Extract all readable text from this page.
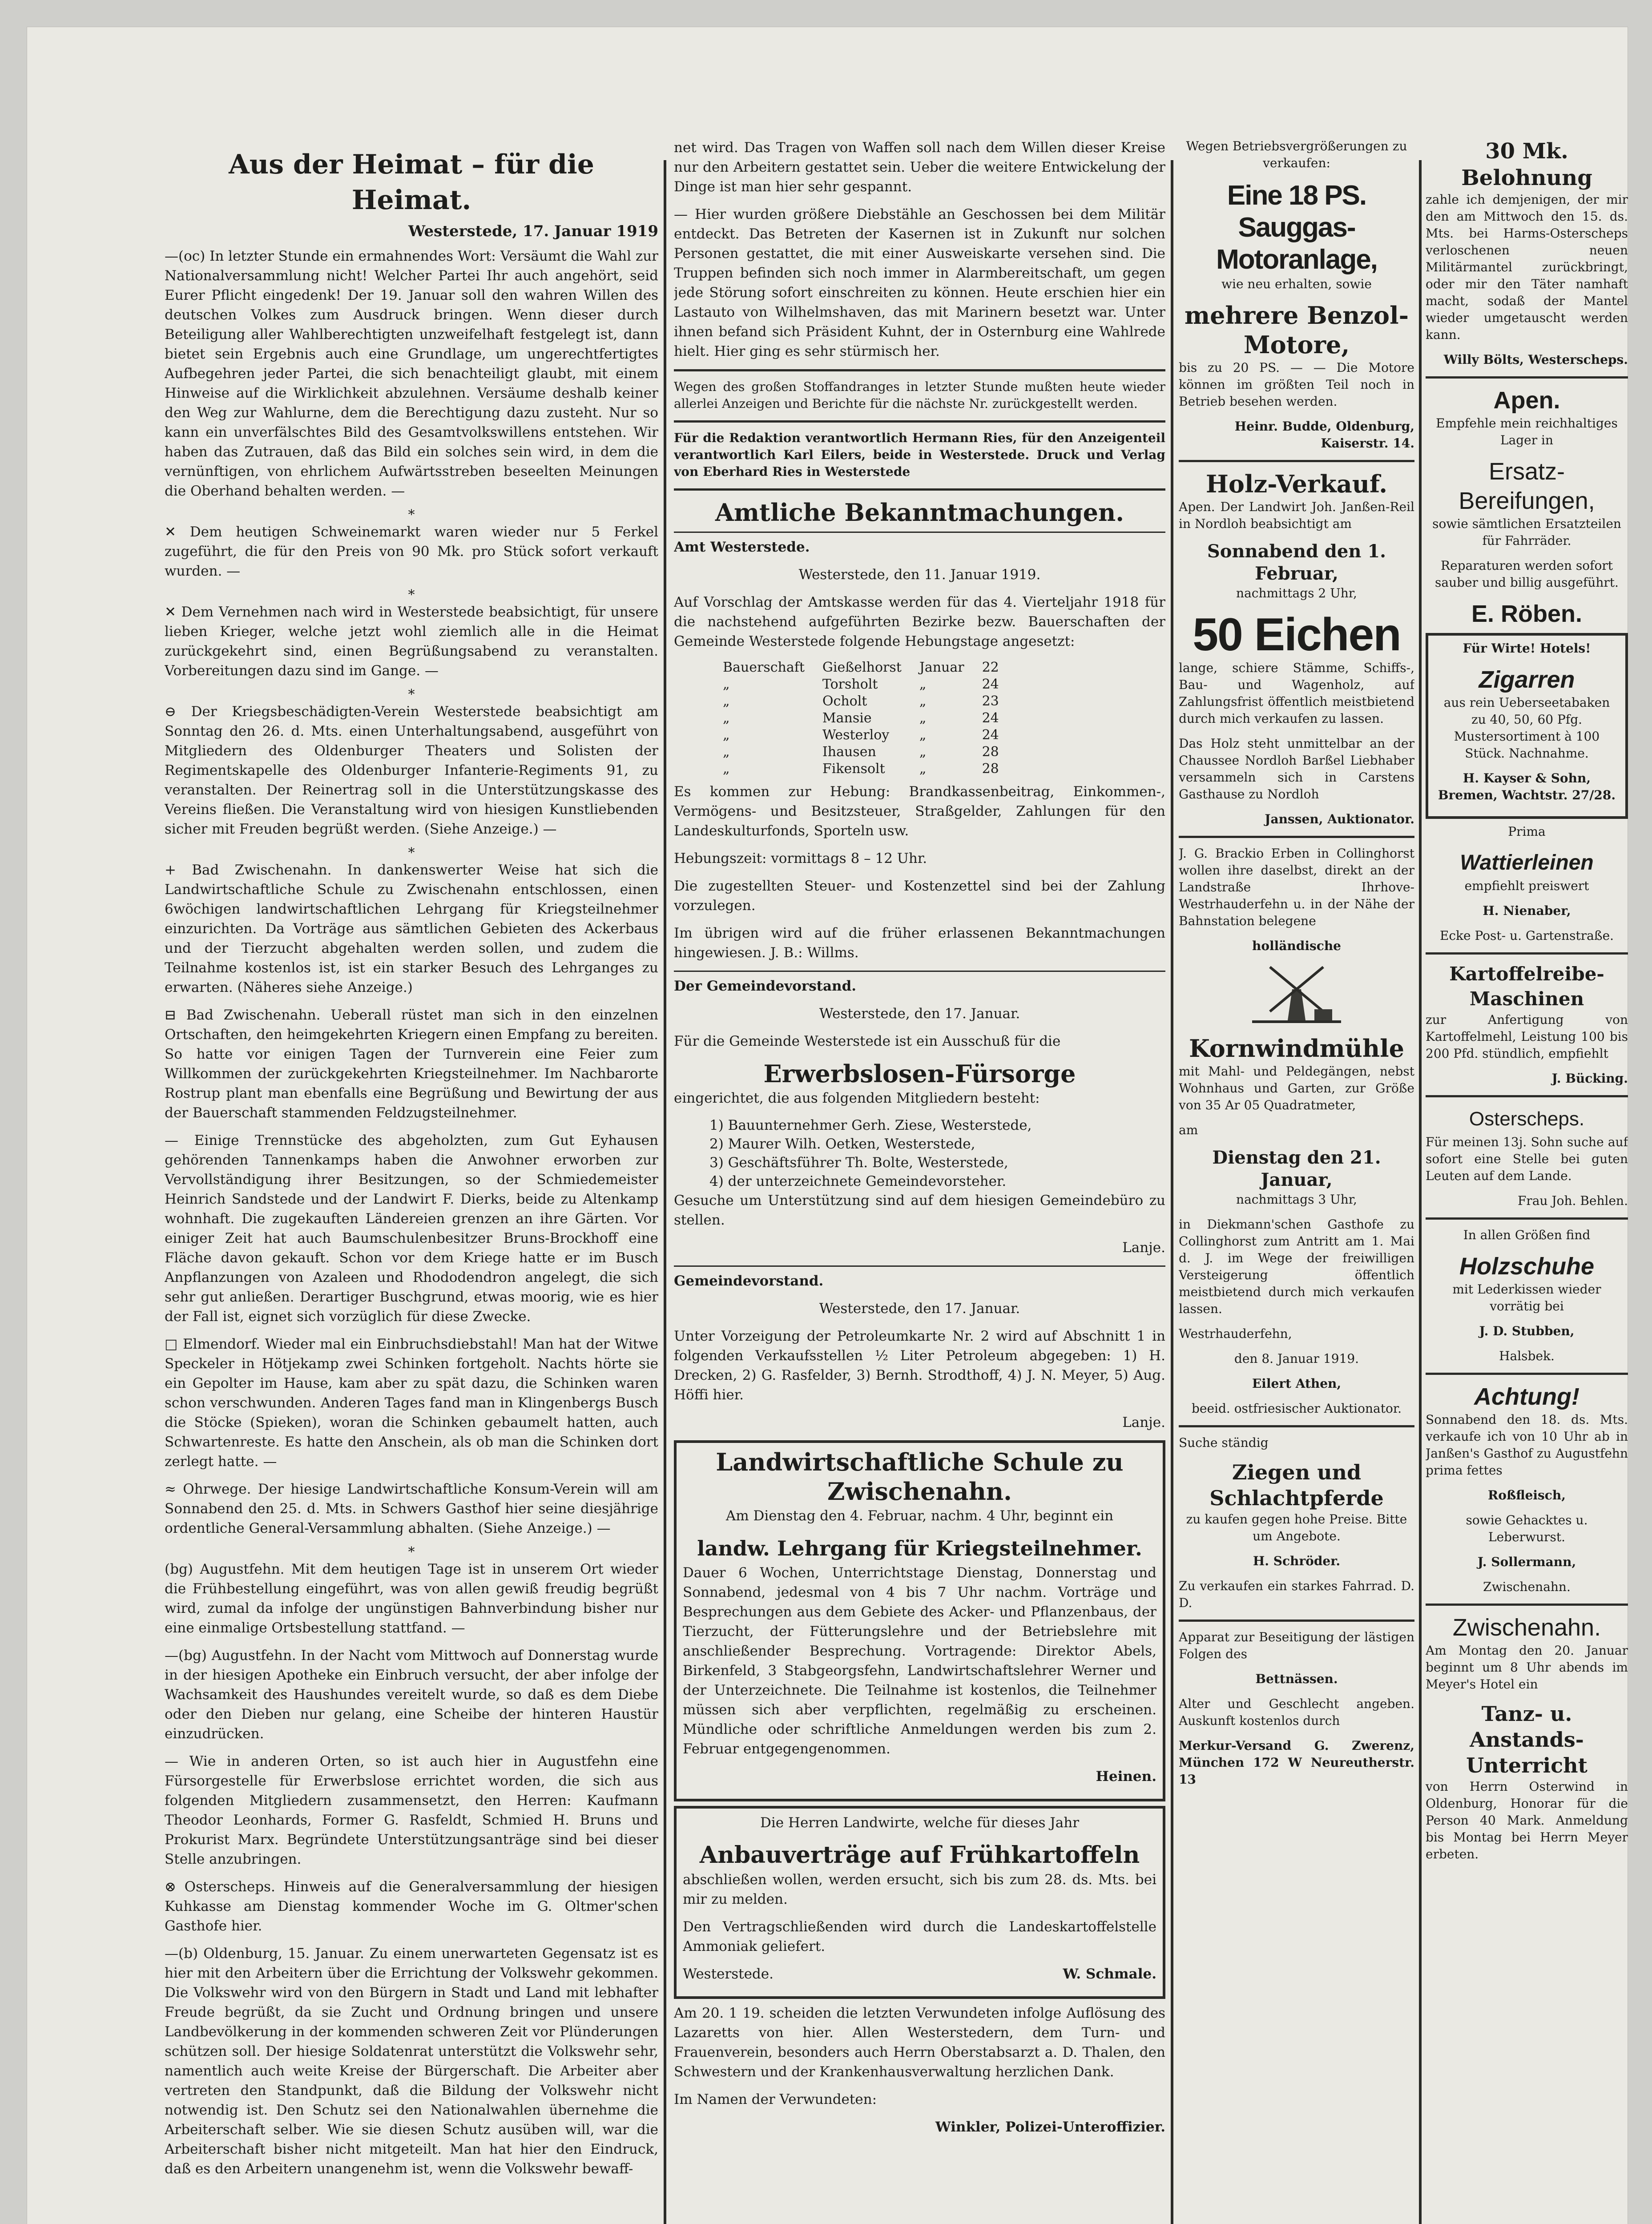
Aus der Heimat – für die Heimat.
Westerstede, 17. Januar 1919

—(oc) In letzter Stunde ein ermahnendes Wort: Versäumt die Wahl zur Nationalversammlung nicht! Welcher Partei Ihr auch angehört, seid Eurer Pflicht eingedenk! Der 19. Januar soll den wahren Willen des deutschen Volkes zum Ausdruck bringen. Wenn dieser durch Beteiligung aller Wahlberechtigten unzweifelhaft festgelegt ist, dann bietet sein Ergebnis auch eine Grundlage, um ungerechtfertigtes Aufbegehren jeder Partei, die sich benachteiligt glaubt, mit einem Hinweise auf die Wirklichkeit abzulehnen. Versäume deshalb keiner den Weg zur Wahlurne, dem die Berechtigung dazu zusteht. Nur so kann ein unverfälschtes Bild des Gesamtvolkswillens entstehen. Wir haben das Zutrauen, daß das Bild ein solches sein wird, in dem die vernünftigen, von ehrlichem Aufwärtsstreben beseelten Meinungen die Oberhand behalten werden. —

*

✕ Dem heutigen Schweinemarkt waren wieder nur 5 Ferkel zugeführt, die für den Preis von 90 Mk. pro Stück sofort verkauft wurden. —

*

✕ Dem Vernehmen nach wird in Westerstede beabsichtigt, für unsere lieben Krieger, welche jetzt wohl ziemlich alle in die Heimat zurückgekehrt sind, einen Begrüßungsabend zu veranstalten. Vorbereitungen dazu sind im Gange. —

*

⊖ Der Kriegsbeschädigten-Verein Westerstede beabsichtigt am Sonntag den 26. d. Mts. einen Unterhaltungsabend, ausgeführt von Mitgliedern des Oldenburger Theaters und Solisten der Regimentskapelle des Oldenburger Infanterie-Regiments 91, zu veranstalten. Der Reinertrag soll in die Unterstützungskasse des Vereins fließen. Die Veranstaltung wird von hiesigen Kunstliebenden sicher mit Freuden begrüßt werden. (Siehe Anzeige.) —

*

+ Bad Zwischenahn. In dankenswerter Weise hat sich die Landwirtschaftliche Schule zu Zwischenahn entschlossen, einen 6wöchigen landwirtschaftlichen Lehrgang für Kriegsteilnehmer einzurichten. Da Vorträge aus sämtlichen Gebieten des Ackerbaus und der Tierzucht abgehalten werden sollen, und zudem die Teilnahme kostenlos ist, ist ein starker Besuch des Lehrganges zu erwarten. (Näheres siehe Anzeige.)

⊟ Bad Zwischenahn. Ueberall rüstet man sich in den einzelnen Ortschaften, den heimgekehrten Kriegern einen Empfang zu bereiten. So hatte vor einigen Tagen der Turnverein eine Feier zum Willkommen der zurückgekehrten Kriegsteilnehmer. Im Nachbarorte Rostrup plant man ebenfalls eine Begrüßung und Bewirtung der aus der Bauerschaft stammenden Feldzugsteilnehmer.

— Einige Trennstücke des abgeholzten, zum Gut Eyhausen gehörenden Tannenkamps haben die Anwohner erworben zur Vervollständigung ihrer Besitzungen, so der Schmiedemeister Heinrich Sandstede und der Landwirt F. Dierks, beide zu Altenkamp wohnhaft. Die zugekauften Ländereien grenzen an ihre Gärten. Vor einiger Zeit hat auch Baumschulenbesitzer Bruns-Brockhoff eine Fläche davon gekauft. Schon vor dem Kriege hatte er im Busch Anpflanzungen von Azaleen und Rhododendron angelegt, die sich sehr gut anließen. Derartiger Buschgrund, etwas moorig, wie es hier der Fall ist, eignet sich vorzüglich für diese Zwecke.

□ Elmendorf. Wieder mal ein Einbruchsdiebstahl! Man hat der Witwe Speckeler in Hötjekamp zwei Schinken fortgeholt. Nachts hörte sie ein Gepolter im Hause, kam aber zu spät dazu, die Schinken waren schon verschwunden. Anderen Tages fand man in Klingenbergs Busch die Stöcke (Spieken), woran die Schinken gebaumelt hatten, auch Schwartenreste. Es hatte den Anschein, als ob man die Schinken dort zerlegt hatte. —

≈ Ohrwege. Der hiesige Landwirtschaftliche Konsum-Verein will am Sonnabend den 25. d. Mts. in Schwers Gasthof hier seine diesjährige ordentliche General-Versammlung abhalten. (Siehe Anzeige.) —

*

(bg) Augustfehn. Mit dem heutigen Tage ist in unserem Ort wieder die Frühbestellung eingeführt, was von allen gewiß freudig begrüßt wird, zumal da infolge der ungünstigen Bahnverbindung bisher nur eine einmalige Ortsbestellung stattfand. —

—(bg) Augustfehn. In der Nacht vom Mittwoch auf Donnerstag wurde in der hiesigen Apotheke ein Einbruch versucht, der aber infolge der Wachsamkeit des Haushundes vereitelt wurde, so daß es dem Diebe oder den Dieben nur gelang, eine Scheibe der hinteren Haustür einzudrücken.

— Wie in anderen Orten, so ist auch hier in Augustfehn eine Fürsorgestelle für Erwerbslose errichtet worden, die sich aus folgenden Mitgliedern zusammensetzt, den Herren: Kaufmann Theodor Leonhards, Former G. Rasfeldt, Schmied H. Bruns und Prokurist Marx. Begründete Unterstützungsanträge sind bei dieser Stelle anzubringen.

⊗ Osterscheps. Hinweis auf die Generalversammlung der hiesigen Kuhkasse am Dienstag kommender Woche im G. Oltmer'schen Gasthofe hier.

—(b) Oldenburg, 15. Januar. Zu einem unerwarteten Gegensatz ist es hier mit den Arbeitern über die Errichtung der Volkswehr gekommen. Die Volkswehr wird von den Bürgern in Stadt und Land mit lebhafter Freude begrüßt, da sie Zucht und Ordnung bringen und unsere Landbevölkerung in der kommenden schweren Zeit vor Plünderungen schützen soll. Der hiesige Soldatenrat unterstützt die Volkswehr sehr, namentlich auch weite Kreise der Bürgerschaft. Die Arbeiter aber vertreten den Standpunkt, daß die Bildung der Volkswehr nicht notwendig ist. Den Schutz sei den Nationalwahlen übernehme die Arbeiterschaft selber. Wie sie diesen Schutz ausüben will, war die Arbeiterschaft bisher nicht mitgeteilt. Man hat hier den Eindruck, daß es den Arbeitern unangenehm ist, wenn die Volkswehr bewaff-

net wird. Das Tragen von Waffen soll nach dem Willen dieser Kreise nur den Arbeitern gestattet sein. Ueber die weitere Entwickelung der Dinge ist man hier sehr gespannt.

— Hier wurden größere Diebstähle an Geschossen bei dem Militär entdeckt. Das Betreten der Kasernen ist in Zukunft nur solchen Personen gestattet, die mit einer Ausweiskarte versehen sind. Die Truppen befinden sich noch immer in Alarmbereitschaft, um gegen jede Störung sofort einschreiten zu können. Heute erschien hier ein Lastauto von Wilhelmshaven, das mit Marinern besetzt war. Unter ihnen befand sich Präsident Kuhnt, der in Osternburg eine Wahlrede hielt. Hier ging es sehr stürmisch her.

Wegen des großen Stoffandranges in letzter Stunde mußten heute wieder allerlei Anzeigen und Berichte für die nächste Nr. zurückgestellt werden.

Für die Redaktion verantwortlich Hermann Ries, für den Anzeigenteil verantwortlich Karl Eilers, beide in Westerstede. Druck und Verlag von Eberhard Ries in Westerstede

Amtliche Bekanntmachungen.

Amt Westerstede.

Westerstede, den 11. Januar 1919.

Auf Vorschlag der Amtskasse werden für das 4. Vierteljahr 1918 für die nachstehend aufgeführten Bezirke bezw. Bauerschaften der Gemeinde Westerstede folgende Hebungstage angesetzt:

Bauerschaft	Gießelhorst	Januar	22
„	Torsholt	„	24
„	Ocholt	„	23
„	Mansie	„	24
„	Westerloy	„	24
„	Ihausen	„	28
„	Fikensolt	„	28

Es kommen zur Hebung: Brandkassenbeitrag, Einkommen-, Vermögens- und Besitzsteuer, Straßgelder, Zahlungen für den Landeskulturfonds, Sporteln usw.

Hebungszeit: vormittags 8 – 12 Uhr.

Die zugestellten Steuer- und Kostenzettel sind bei der Zahlung vorzulegen.

Im übrigen wird auf die früher erlassenen Bekanntmachungen hingewiesen. J. B.: Willms.

Der Gemeindevorstand.

Westerstede, den 17. Januar.

Für die Gemeinde Westerstede ist ein Ausschuß für die

Erwerbslosen-Fürsorge

eingerichtet, die aus folgenden Mitgliedern besteht:

1) Bauunternehmer Gerh. Ziese, Westerstede,
2) Maurer Wilh. Oetken, Westerstede,
3) Geschäftsführer Th. Bolte, Westerstede,
4) der unterzeichnete Gemeindevorsteher.

Gesuche um Unterstützung sind auf dem hiesigen Gemeindebüro zu stellen.

Lanje.

Gemeindevorstand.

Westerstede, den 17. Januar.

Unter Vorzeigung der Petroleumkarte Nr. 2 wird auf Abschnitt 1 in folgenden Verkaufsstellen ½ Liter Petroleum abgegeben: 1) H. Drecken, 2) G. Rasfelder, 3) Bernh. Strodthoff, 4) J. N. Meyer, 5) Aug. Höffi hier.

Lanje.

Landwirtschaftliche Schule zu Zwischenahn.

Am Dienstag den 4. Februar, nachm. 4 Uhr, beginnt ein

landw. Lehrgang für Kriegsteilnehmer.

Dauer 6 Wochen, Unterrichtstage Dienstag, Donnerstag und Sonnabend, jedesmal von 4 bis 7 Uhr nachm. Vorträge und Besprechungen aus dem Gebiete des Acker- und Pflanzenbaus, der Tierzucht, der Fütterungslehre und der Betriebslehre mit anschließender Besprechung. Vortragende: Direktor Abels, Birkenfeld, 3 Stabgeorgsfehn, Landwirtschaftslehrer Werner und der Unterzeichnete. Die Teilnahme ist kostenlos, die Teilnehmer müssen sich aber verpflichten, regelmäßig zu erscheinen. Mündliche oder schriftliche Anmeldungen werden bis zum 2. Februar entgegengenommen.

Heinen.

Die Herren Landwirte, welche für dieses Jahr

Anbauverträge auf Frühkartoffeln

abschließen wollen, werden ersucht, sich bis zum 28. ds. Mts. bei mir zu melden.

Den Vertragschließenden wird durch die Landeskartoffelstelle Ammoniak geliefert.

Westerstede.	W. Schmale.

Am 20. 1 19. scheiden die letzten Verwundeten infolge Auflösung des Lazaretts von hier. Allen Westerstedern, dem Turn- und Frauenverein, besonders auch Herrn Oberstabsarzt a. D. Thalen, den Schwestern und der Krankenhausverwaltung herzlichen Dank.

Im Namen der Verwundeten:

Winkler, Polizei-Unteroffizier.

Wegen Betriebsvergrößerungen zu verkaufen:

Eine 18 PS. Sauggas-Motoranlage,

wie neu erhalten, sowie

mehrere Benzol-Motore,

bis zu 20 PS. — — Die Motore können im größten Teil noch in Betrieb besehen werden.

Heinr. Budde, Oldenburg, Kaiserstr. 14.

Holz-Verkauf.

Apen. Der Landwirt Joh. Janßen-Reil in Nordloh beabsichtigt am

Sonnabend den 1. Februar,

nachmittags 2 Uhr,

50 Eichen

lange, schiere Stämme, Schiffs-, Bau- und Wagenholz, auf Zahlungsfrist öffentlich meistbietend durch mich verkaufen zu lassen.

Das Holz steht unmittelbar an der Chaussee Nordloh Barßel Liebhaber versammeln sich in Carstens Gasthause zu Nordloh

Janssen, Auktionator.

J. G. Brackio Erben in Collinghorst wollen ihre daselbst, direkt an der Landstraße Ihrhove-Westrhauderfehn u. in der Nähe der Bahnstation belegene

holländische

Kornwindmühle

mit Mahl- und Peldegängen, nebst Wohnhaus und Garten, zur Größe von 35 Ar 05 Quadratmeter,

am

Dienstag den 21. Januar,

nachmittags 3 Uhr,

in Diekmann'schen Gasthofe zu Collinghorst zum Antritt am 1. Mai d. J. im Wege der freiwilligen Versteigerung öffentlich meistbietend durch mich verkaufen lassen.

Westrhauderfehn,

den 8. Januar 1919.

Eilert Athen,

beeid. ostfriesischer Auktionator.

Suche ständig

Ziegen und Schlachtpferde

zu kaufen gegen hohe Preise. Bitte um Angebote.

H. Schröder.

Zu verkaufen ein starkes Fahrrad. D. D.

Apparat zur Beseitigung der lästigen Folgen des

Bettnässen.

Alter und Geschlecht angeben. Auskunft kostenlos durch

Merkur-Versand G. Zwerenz, München 172 W Neureutherstr. 13

30 Mk. Belohnung

zahle ich demjenigen, der mir den am Mittwoch den 15. ds. Mts. bei Harms-Osterscheps verloschenen neuen Militärmantel zurückbringt, oder mir den Täter namhaft macht, sodaß der Mantel wieder umgetauscht werden kann.

Willy Bölts, Westerscheps.

Apen.

Empfehle mein reichhaltiges Lager in

Ersatz-Bereifungen,

sowie sämtlichen Ersatzteilen für Fahrräder.

Reparaturen werden sofort sauber und billig ausgeführt.

E. Röben.

Für Wirte! Hotels!

Zigarren

aus rein Ueberseetabaken zu 40, 50, 60 Pfg. Mustersortiment à 100 Stück. Nachnahme.

H. Kayser & Sohn, Bremen, Wachtstr. 27/28.

Prima

Wattierleinen

empfiehlt preiswert

H. Nienaber,

Ecke Post- u. Gartenstraße.

Kartoffelreibe-Maschinen

zur Anfertigung von Kartoffelmehl, Leistung 100 bis 200 Pfd. stündlich, empfiehlt

J. Bücking.

Osterscheps.

Für meinen 13j. Sohn suche auf sofort eine Stelle bei guten Leuten auf dem Lande.

Frau Joh. Behlen.

In allen Größen find

Holzschuhe

mit Lederkissen wieder vorrätig bei

J. D. Stubben,

Halsbek.

Achtung!

Sonnabend den 18. ds. Mts. verkaufe ich von 10 Uhr ab in Janßen's Gasthof zu Augustfehn prima fettes

Roßfleisch,

sowie Gehacktes u. Leberwurst.

J. Sollermann,

Zwischenahn.

Zwischenahn.

Am Montag den 20. Januar beginnt um 8 Uhr abends im Meyer's Hotel ein

Tanz- u. Anstands-Unterricht

von Herrn Osterwind in Oldenburg, Honorar für die Person 40 Mark. Anmeldung bis Montag bei Herrn Meyer erbeten.
